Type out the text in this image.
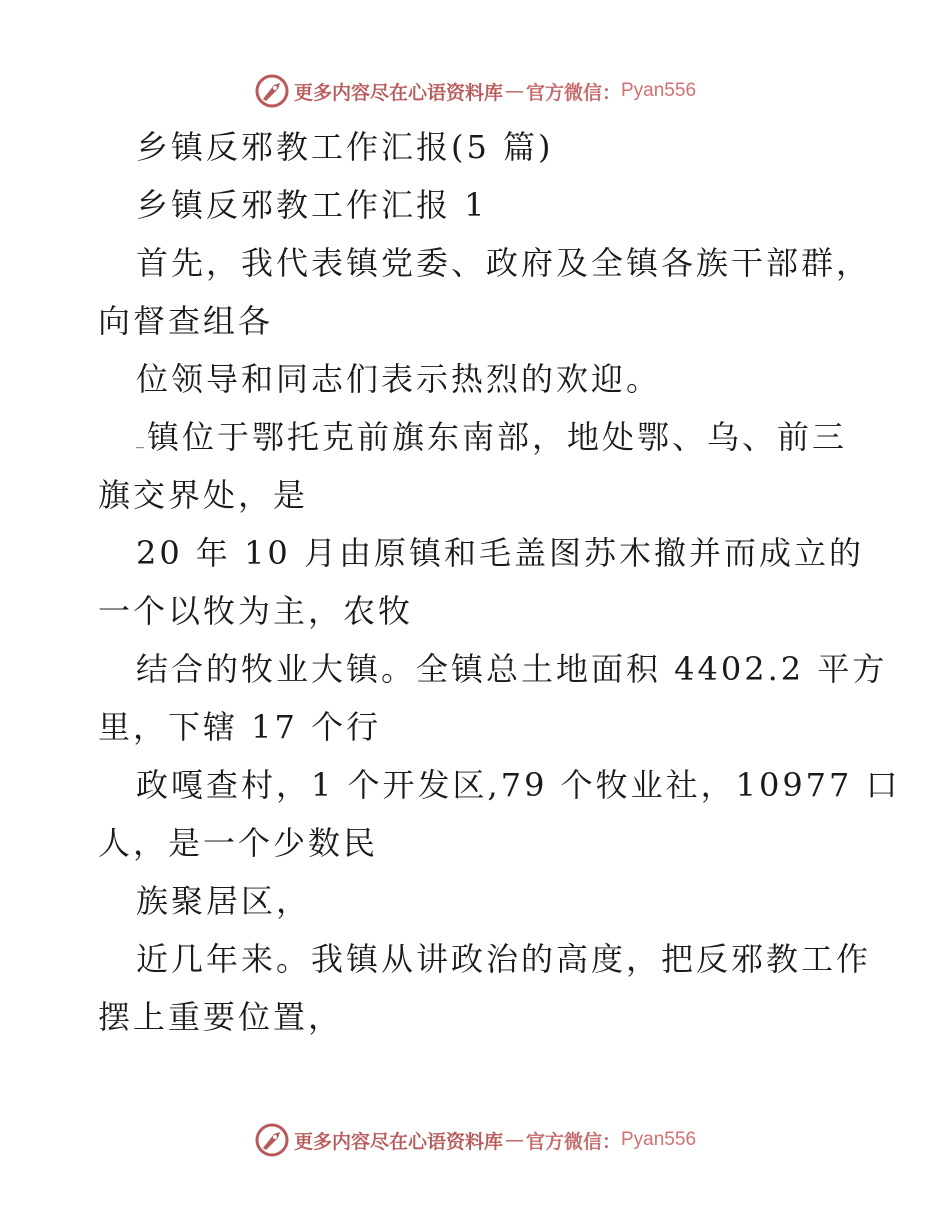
更多内容尽在心语资料库 — 官方微信： Pyan556
乡镇反邪教工作汇报(5 篇)
乡镇反邪教工作汇报 1
首先，我代表镇党委、政府及全镇各族干部群，
向督查组各
位领导和同志们表示热烈的欢迎。
_镇位于鄂托克前旗东南部，地处鄂、乌、前三
旗交界处，是
20 年 10 月由原镇和毛盖图苏木撤并而成立的
一个以牧为主，农牧
结合的牧业大镇。全镇总土地面积 4402.2 平方
里，下辖 17 个行
政嘎查村，1 个开发区,79 个牧业社，10977 口
人，是一个少数民
族聚居区，
近几年来。我镇从讲政治的高度，把反邪教工作
摆上重要位置，
更多内容尽在心语资料库 — 官方微信： Pyan556
